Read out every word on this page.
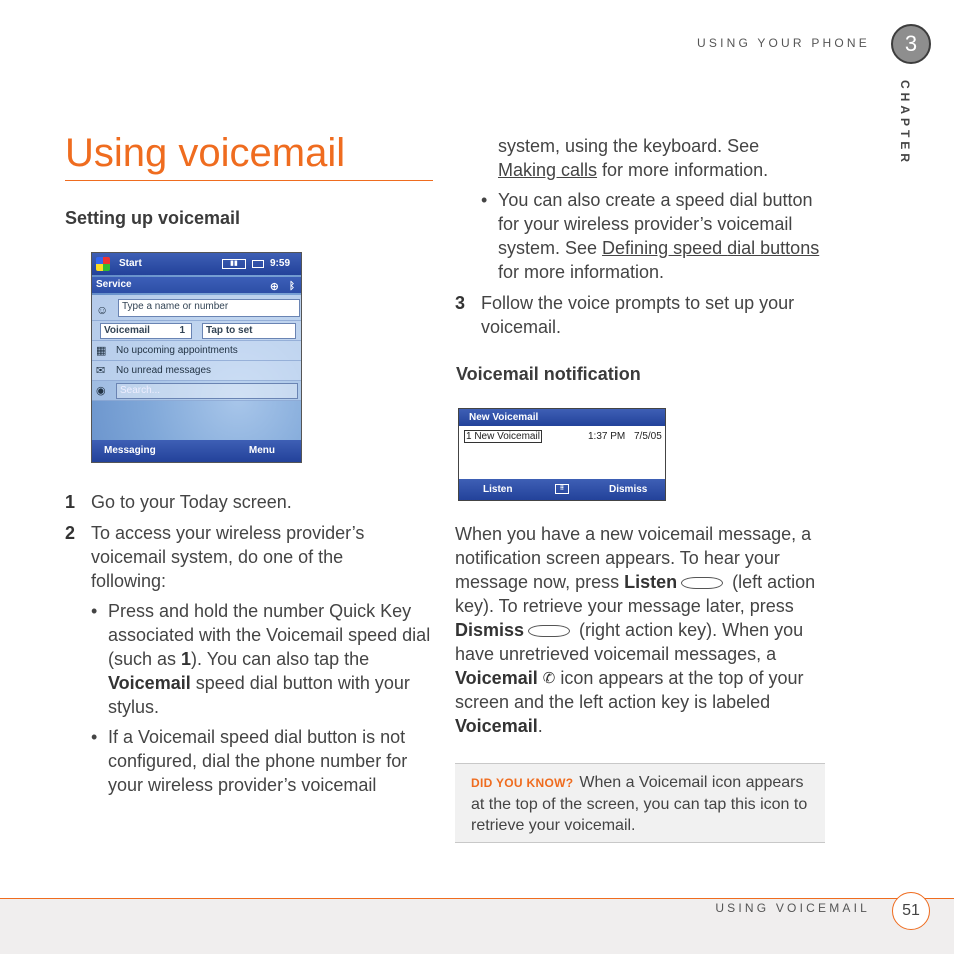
USING YOUR PHONE	3
CHAPTER
Using voicemail
Setting up voicemail
Start	▮▮	9:59
Service	⊕ ᛒ
☺	Type a name or number
Voicemail	1	Tap to set
▦ No upcoming appointments
✉ No unread messages
◉	Search...
Messaging	Menu
1 Go to your Today screen.
2 To access your wireless provider’s voicemail system, do one of the following:
• Press and hold the number Quick Key associated with the Voicemail speed dial (such as 1). You can also tap the Voicemail speed dial button with your stylus.
• If a Voicemail speed dial button is not configured, dial the phone number for your wireless provider’s voicemail
system, using the keyboard. See Making calls for more information.
• You can also create a speed dial button for your wireless provider’s voicemail system. See Defining speed dial buttons for more information.
3 Follow the voice prompts to set up your voicemail.
Voicemail notification
New Voicemail
1 New Voicemail	1:37 PM 7/5/05
Listen	⠿	Dismiss
When you have a new voicemail message, a notification screen appears. To hear your message now, press Listen	(left action key). To retrieve your message later, press Dismiss	(right action key). When you have unretrieved voicemail messages, a Voicemail ✆ icon appears at the top of your screen and the left action key is labeled Voicemail.
DID YOU KNOW? When a Voicemail icon appears at the top of the screen, you can tap this icon to retrieve your voicemail.
USING VOICEMAIL	51
